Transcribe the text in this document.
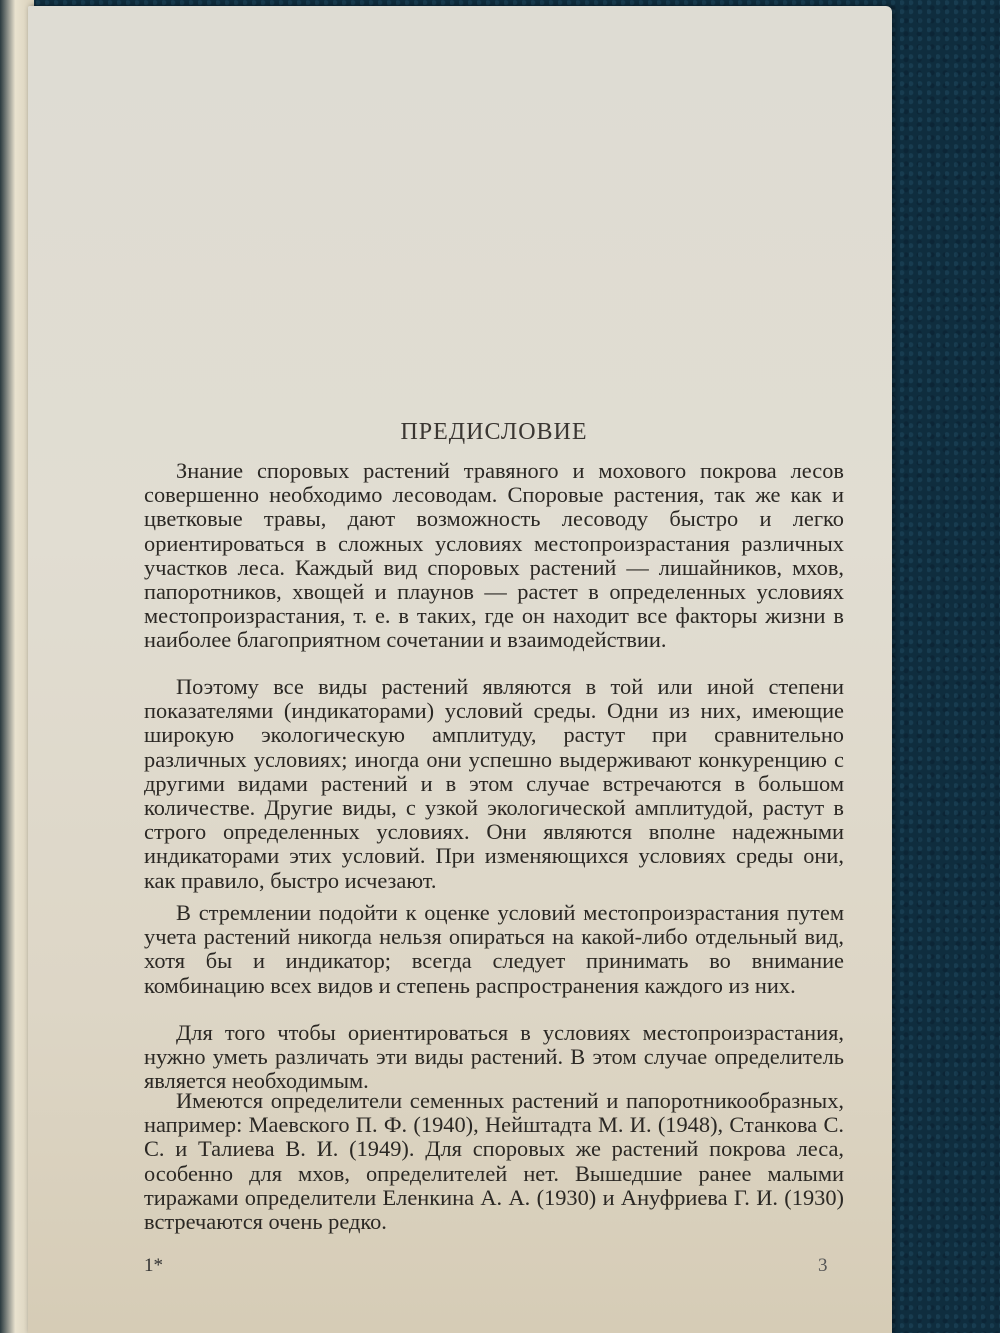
ПРЕДИСЛОВИЕ

Знание споровых растений травяного и мохового покрова лесов совершенно необходимо лесоводам. Споровые растения, так же как и цветковые травы, дают возможность лесоводу быстро и легко ориентироваться в сложных условиях местопроизрастания различных участков леса. Каждый вид споровых растений — лишайников, мхов, папоротников, хвощей и плаунов — растет в определенных условиях местопроизрастания, т. е. в таких, где он находит все факторы жизни в наиболее благоприятном сочетании и взаимодействии.

Поэтому все виды растений являются в той или иной степени показателями (индикаторами) условий среды. Одни из них, имеющие широкую экологическую амплитуду, растут при сравнительно различных условиях; иногда они успешно выдерживают конкуренцию с другими видами растений и в этом случае встречаются в большом количестве. Другие виды, с узкой экологической амплитудой, растут в строго определенных условиях. Они являются вполне надежными индикаторами этих условий. При изменяющихся условиях среды они, как правило, быстро исчезают.

В стремлении подойти к оценке условий местопроизрастания путем учета растений никогда нельзя опираться на какой-либо отдельный вид, хотя бы и индикатор; всегда следует принимать во внимание комбинацию всех видов и степень распространения каждого из них.

Для того чтобы ориентироваться в условиях местопроизрастания, нужно уметь различать эти виды растений. В этом случае определитель является необходимым.

Имеются определители семенных растений и папоротникообразных, например: Маевского П. Ф. (1940), Нейштадта М. И. (1948), Станкова С. С. и Талиева В. И. (1949). Для споровых же растений покрова леса, особенно для мхов, определителей нет. Вышедшие ранее малыми тиражами определители Еленкина А. А. (1930) и Ануфриева Г. И. (1930) встречаются очень редко.

1*	3
